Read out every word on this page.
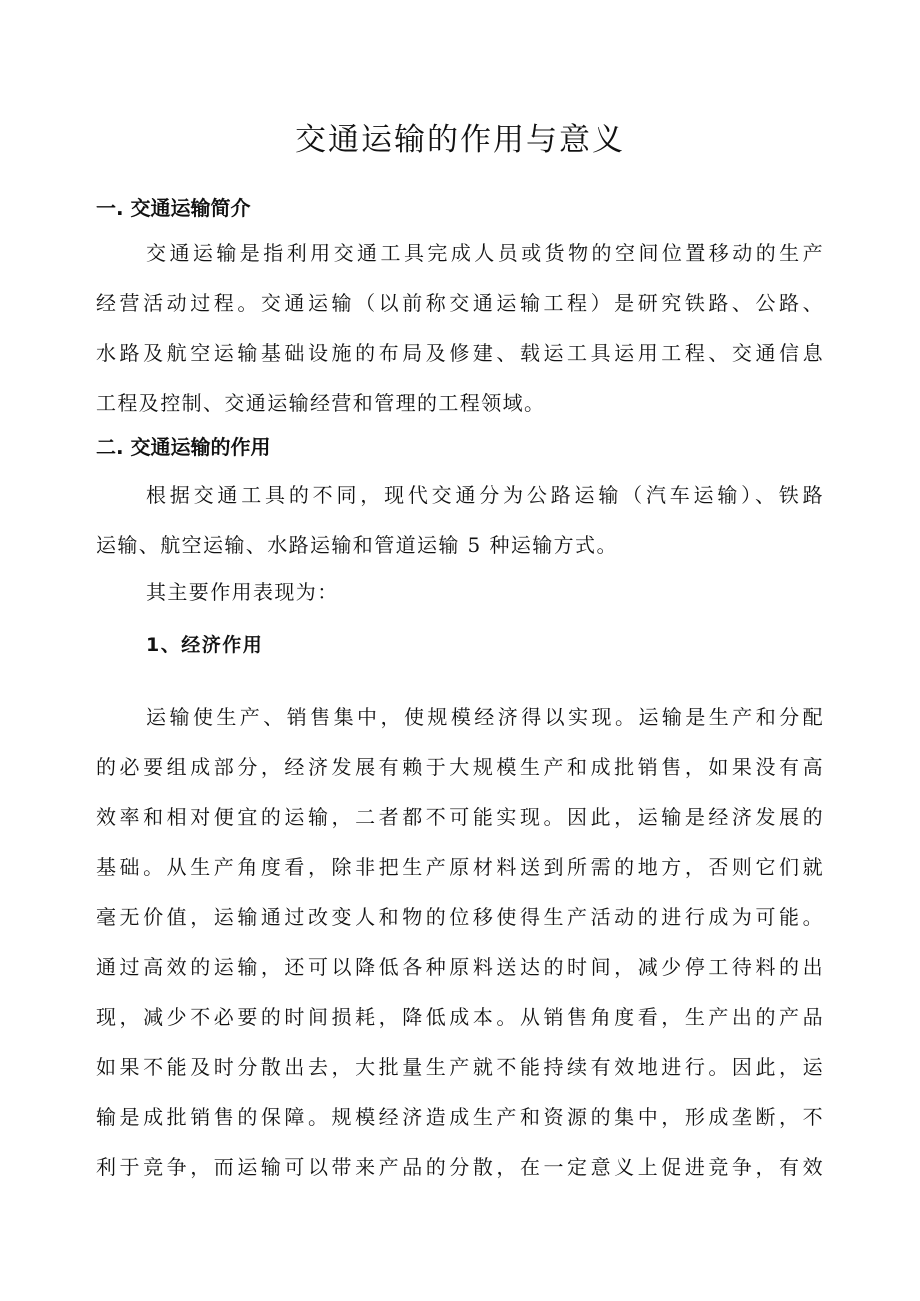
交通运输的作用与意义
一. 交通运输简介
交通运输是指利用交通工具完成人员或货物的空间位置移动的生产
经营活动过程。交通运输（以前称交通运输工程）是研究铁路、公路、
水路及航空运输基础设施的布局及修建、载运工具运用工程、交通信息
工程及控制、交通运输经营和管理的工程领域。
二. 交通运输的作用
根据交通工具的不同，现代交通分为公路运输（汽车运输）、铁路
运输、航空运输、水路运输和管道运输 5 种运输方式。

其主要作用表现为：

1、经济作用
运输使生产、销售集中，使规模经济得以实现。运输是生产和分配
的必要组成部分，经济发展有赖于大规模生产和成批销售，如果没有高
效率和相对便宜的运输，二者都不可能实现。因此，运输是经济发展的
基础。从生产角度看，除非把生产原材料送到所需的地方，否则它们就
毫无价值，运输通过改变人和物的位移使得生产活动的进行成为可能。
通过高效的运输，还可以降低各种原料送达的时间，减少停工待料的出
现，减少不必要的时间损耗，降低成本。从销售角度看，生产出的产品
如果不能及时分散出去，大批量生产就不能持续有效地进行。因此，运
输是成批销售的保障。规模经济造成生产和资源的集中，形成垄断，不
利于竞争，而运输可以带来产品的分散，在一定意义上促进竞争，有效
